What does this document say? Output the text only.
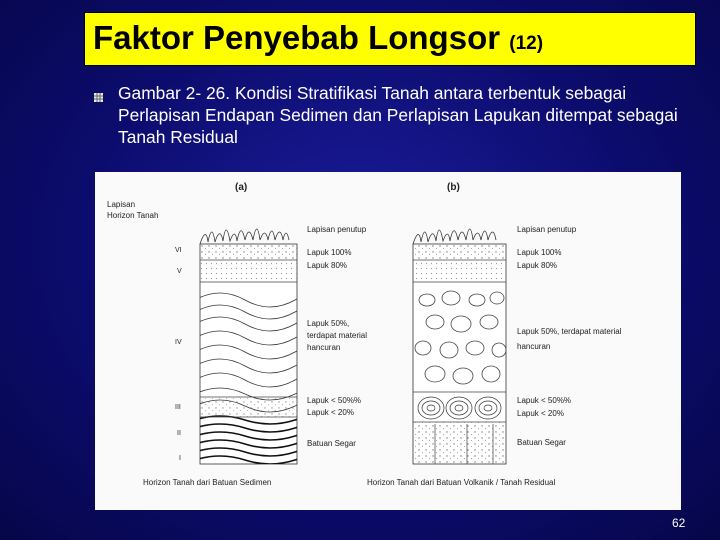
Faktor Penyebab Longsor (12)
Gambar 2- 26. Kondisi Stratifikasi Tanah antara terbentuk sebagai Perlapisan Endapan Sedimen dan Perlapisan Lapukan ditempat sebagai Tanah Residual
(a)	(b)
Lapisan
Horizon Tanah
VI
V
IV
III
II
I
Lapisan penutup
Lapuk 100%
Lapuk 80%
Lapuk 50%,
terdapat material
hancuran
Lapuk < 50%%
Lapuk < 20%
Batuan Segar
Lapisan penutup
Lapuk 100%
Lapuk 80%
Lapuk 50%, terdapat material
hancuran
Lapuk < 50%%
Lapuk < 20%
Batuan Segar
Horizon Tanah dari Batuan Sedimen	Horizon Tanah dari Batuan Volkanik / Tanah Residual
62
